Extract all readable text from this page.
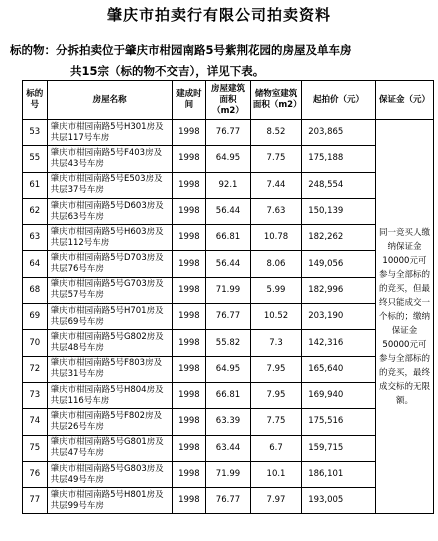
肇庆市拍卖行有限公司拍卖资料
标的物：分拆拍卖位于肇庆市柑园南路5号紫荆花园的房屋及单车房
共15宗（标的物不交吉），详见下表。
标的号	房屋名称	建成时间	房屋建筑面积（m2）	储物室建筑面积（m2）	起拍价（元）	保证金（元）
53	肇庆市柑园南路5号H301房及共层117号车房	1998	76.77	8.52	203,865	同一竞买人缴纳保证金10000元可参与全部标的的竞买，但最终只能成交一个标的；缴纳保证金50000元可参与全部标的的竞买，最终成交标的无限额。
55	肇庆市柑园南路5号F403房及共层43号车房	1998	64.95	7.75	175,188	
61	肇庆市柑园南路5号E503房及共层37号车房	1998	92.1	7.44	248,554	
62	肇庆市柑园南路5号D603房及共层63号车房	1998	56.44	7.63	150,139	
63	肇庆市柑园南路5号H603房及共层112号车房	1998	66.81	10.78	182,262	
64	肇庆市柑园南路5号D703房及共层76号车房	1998	56.44	8.06	149,056	
68	肇庆市柑园南路5号G703房及共层57号车房	1998	71.99	5.99	182,996	
69	肇庆市柑园南路5号H701房及共层69号车房	1998	76.77	10.52	203,190	
70	肇庆市柑园南路5号G802房及共层48号车房	1998	55.82	7.3	142,316	
72	肇庆市柑园南路5号F803房及共层31号车房	1998	64.95	7.95	165,640	
73	肇庆市柑园南路5号H804房及共层116号车房	1998	66.81	7.95	169,940	
74	肇庆市柑园南路5号F802房及共层26号车房	1998	63.39	7.75	175,516	
75	肇庆市柑园南路5号G801房及共层47号车房	1998	63.44	6.7	159,715	
76	肇庆市柑园南路5号G803房及共层49号车房	1998	71.99	10.1	186,101	
77	肇庆市柑园南路5号H801房及共层99号车房	1998	76.77	7.97	193,005	
